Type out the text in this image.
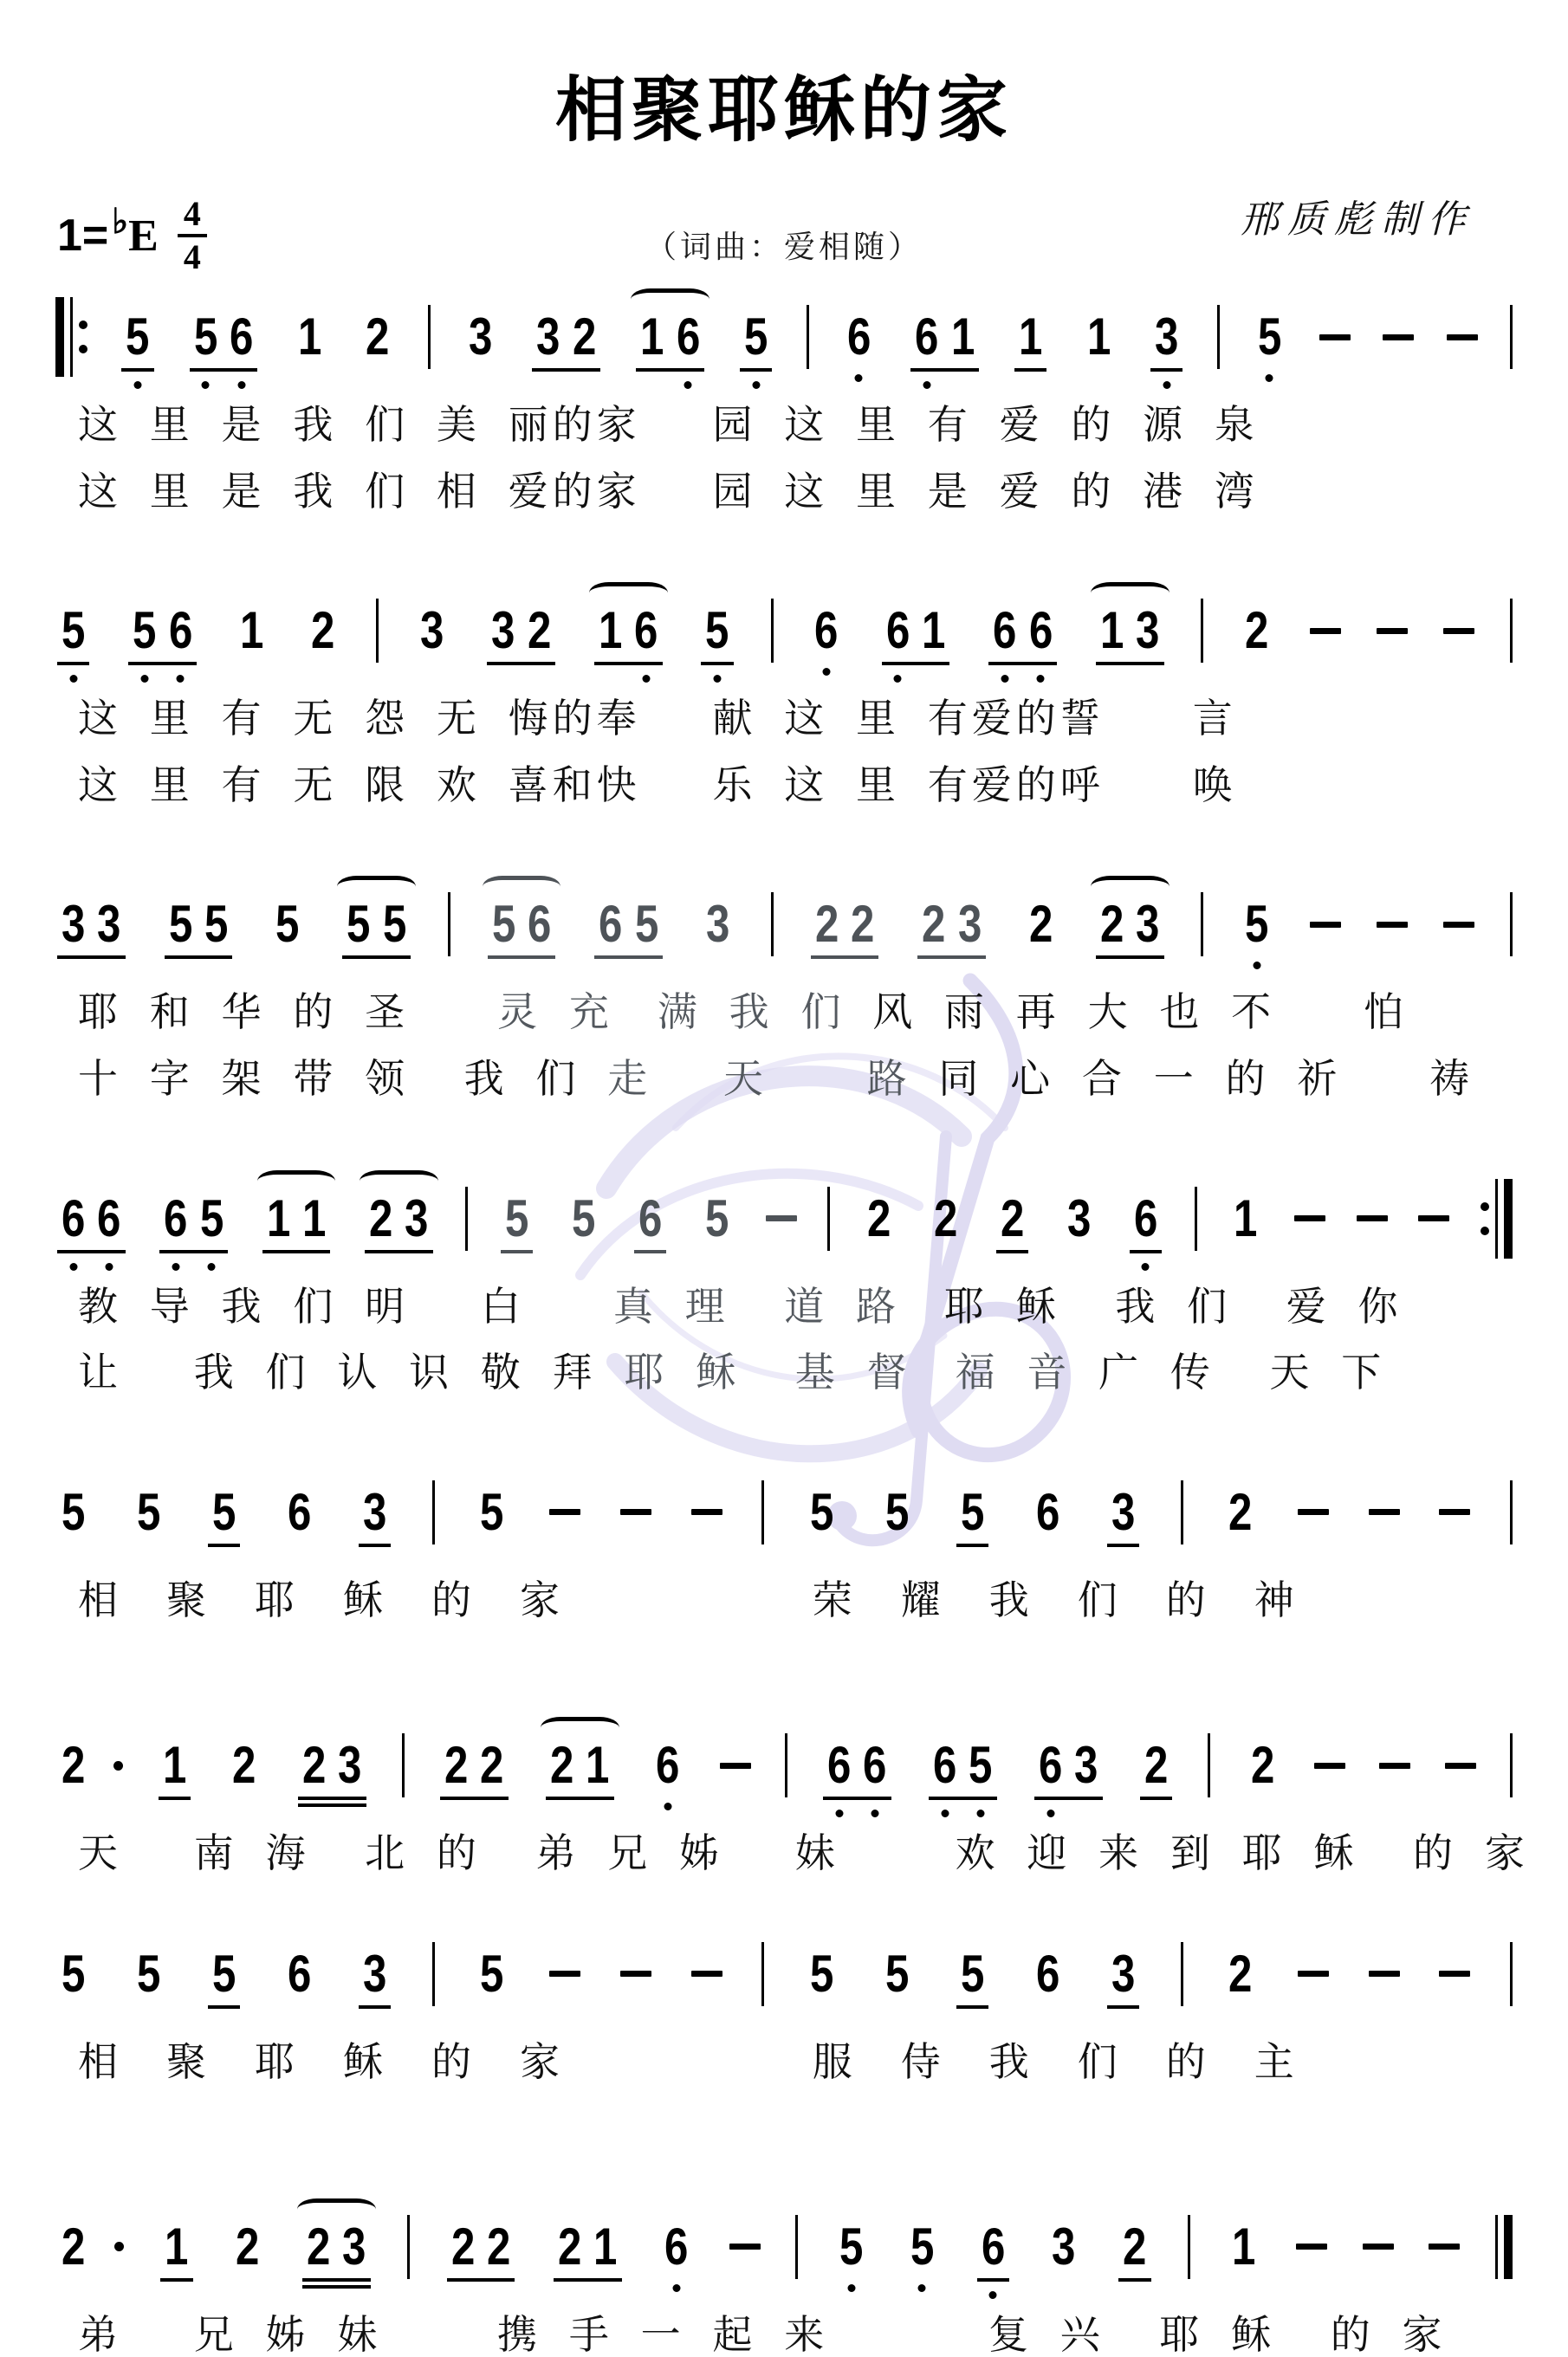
相聚耶稣的家
1= ♭ E $\frac{4}{4}$	（词曲：爱相随）
邢质彪制作
5 5 6 1 2 3 3 2 1 6 5 6 6 1 1 1 3 5
这 里 是 我 们 美 丽的家　 园 这 里 有 爱 的 源 泉
这 里 是 我 们 相 爱的家　 园 这 里 是 爱 的 港 湾
5 5 6 1 2 3 3 2 1 6 5 6 6 1 6 6 1 3 2
这 里 有 无 怨 无 悔的奉　 献 这 里 有爱的誓　　言
这 里 有 无 限 欢 喜和快　 乐 这 里 有爱的呼　　唤
3 3 5 5 5 5 5 5 6 6 5 3 2 2 2 3 2 2 3 5
耶 和 华 的 圣　　灵 充　满 我 们 风 雨 再 大 也 不　　怕
十 字 架 带 领  我 们 走　 天　  路 同 心 合 一 的 祈　　祷
6 6 6 5 1 1 2 3 5 5 6 5	2 2 2 3 6 1
教 导 我 们 明　 白　　真 理  道 路　耶 稣  我 们  爱 你
让　 我 们 认 识 敬 拜 耶 稣  基 督　福 音 广 传  天 下
5 5 5 6 3 5	5 5 5 6 3 2
相　聚　耶　稣　的　家　　　　　 荣　耀　我　们　的　神
2 1 2 2 3 2 2 2 1 6	6 6 6 5 6 3 2 2
天　 南 海  北 的  弟 兄 姊　 妹　　 欢 迎 来 到 耶 稣  的 家
5 5 5 6 3 5	5 5 5 6 3 2
相　聚　耶　稣　的　家　　　　　 服　侍　我　们　的　主
2 1 2 2 3 2 2 2 1 6	5 5 6 3 2 1
弟　 兄 姊 妹　　 携 手 一 起 来　　　 复 兴  耶 稣  的 家
